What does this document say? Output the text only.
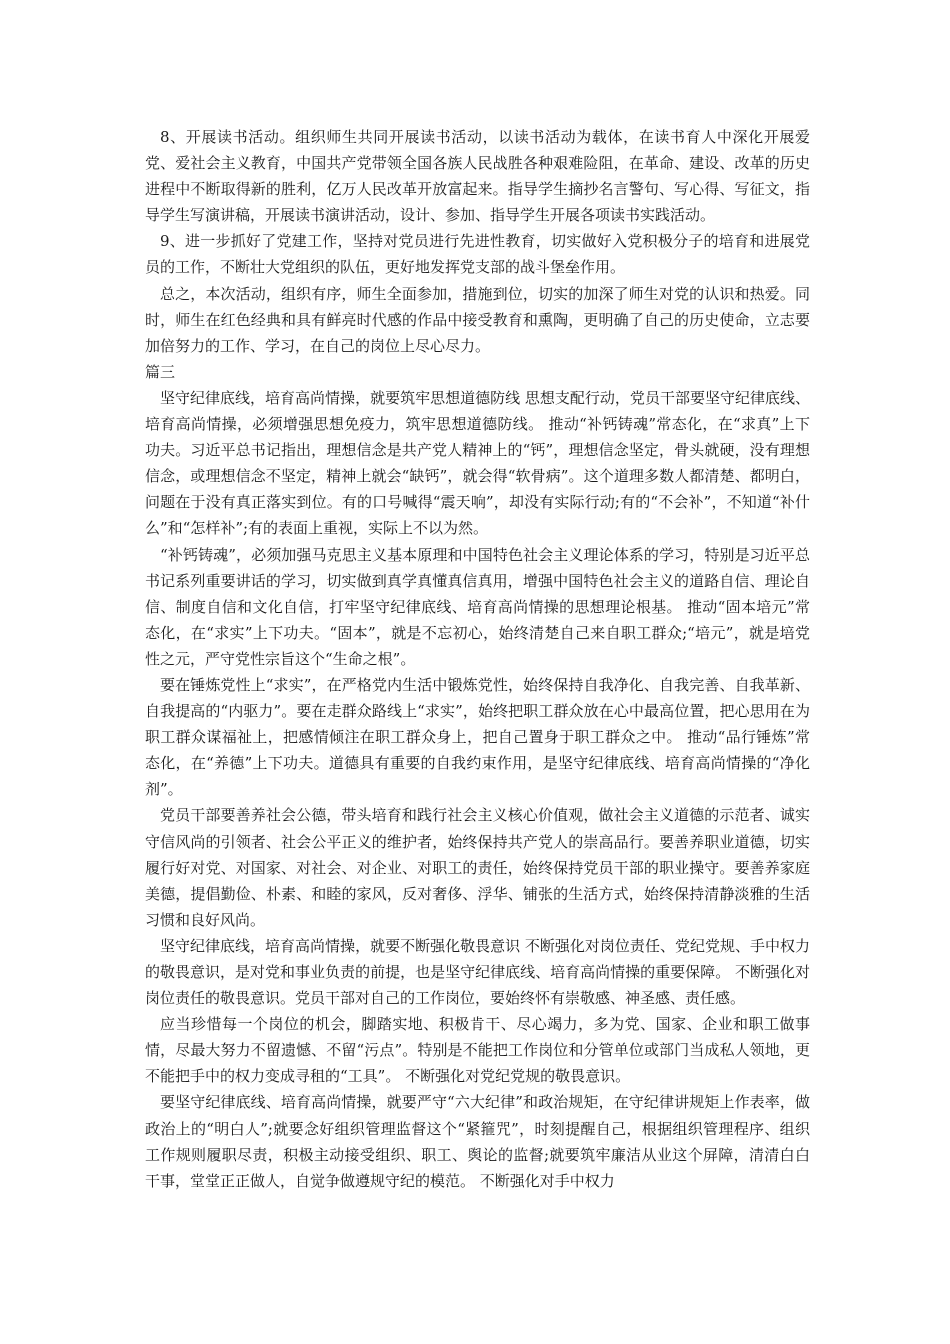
8、开展读书活动。组织师生共同开展读书活动，以读书活动为载体，在读书育人中深化开展爱党、爱社会主义教育，中国共产党带领全国各族人民战胜各种艰难险阻，在革命、建设、改革的历史进程中不断取得新的胜利，亿万人民改革开放富起来。指导学生摘抄名言警句、写心得、写征文，指导学生写演讲稿，开展读书演讲活动，设计、参加、指导学生开展各项读书实践活动。

9、进一步抓好了党建工作，坚持对党员进行先进性教育，切实做好入党积极分子的培育和进展党员的工作，不断壮大党组织的队伍，更好地发挥党支部的战斗堡垒作用。

总之，本次活动，组织有序，师生全面参加，措施到位，切实的加深了师生对党的认识和热爱。同时，师生在红色经典和具有鲜亮时代感的作品中接受教育和熏陶，更明确了自己的历史使命，立志要加倍努力的工作、学习，在自己的岗位上尽心尽力。

篇三

坚守纪律底线，培育高尚情操，就要筑牢思想道德防线 思想支配行动，党员干部要坚守纪律底线、培育高尚情操，必须增强思想免疫力，筑牢思想道德防线。 推动“补钙铸魂”常态化，在“求真”上下功夫。习近平总书记指出，理想信念是共产党人精神上的“钙”，理想信念坚定，骨头就硬，没有理想信念，或理想信念不坚定，精神上就会“缺钙”，就会得“软骨病”。这个道理多数人都清楚、都明白，问题在于没有真正落实到位。有的口号喊得“震天响”，却没有实际行动;有的“不会补”，不知道“补什么”和“怎样补”;有的表面上重视，实际上不以为然。

“补钙铸魂”，必须加强马克思主义基本原理和中国特色社会主义理论体系的学习，特别是习近平总书记系列重要讲话的学习，切实做到真学真懂真信真用，增强中国特色社会主义的道路自信、理论自信、制度自信和文化自信，打牢坚守纪律底线、培育高尚情操的思想理论根基。 推动“固本培元”常态化，在“求实”上下功夫。“固本”，就是不忘初心，始终清楚自己来自职工群众;“培元”，就是培党性之元，严守党性宗旨这个“生命之根”。

要在锤炼党性上“求实”，在严格党内生活中锻炼党性，始终保持自我净化、自我完善、自我革新、自我提高的“内驱力”。要在走群众路线上“求实”，始终把职工群众放在心中最高位置，把心思用在为职工群众谋福祉上，把感情倾注在职工群众身上，把自己置身于职工群众之中。 推动“品行锤炼”常态化，在“养德”上下功夫。道德具有重要的自我约束作用，是坚守纪律底线、培育高尚情操的“净化剂”。

党员干部要善养社会公德，带头培育和践行社会主义核心价值观，做社会主义道德的示范者、诚实守信风尚的引领者、社会公平正义的维护者，始终保持共产党人的崇高品行。要善养职业道德，切实履行好对党、对国家、对社会、对企业、对职工的责任，始终保持党员干部的职业操守。要善养家庭美德，提倡勤俭、朴素、和睦的家风，反对奢侈、浮华、铺张的生活方式，始终保持清静淡雅的生活习惯和良好风尚。

坚守纪律底线，培育高尚情操，就要不断强化敬畏意识 不断强化对岗位责任、党纪党规、手中权力的敬畏意识，是对党和事业负责的前提，也是坚守纪律底线、培育高尚情操的重要保障。 不断强化对岗位责任的敬畏意识。党员干部对自己的工作岗位，要始终怀有崇敬感、神圣感、责任感。

应当珍惜每一个岗位的机会，脚踏实地、积极肯干、尽心竭力，多为党、国家、企业和职工做事情，尽最大努力不留遗憾、不留“污点”。特别是不能把工作岗位和分管单位或部门当成私人领地，更不能把手中的权力变成寻租的“工具”。 不断强化对党纪党规的敬畏意识。

要坚守纪律底线、培育高尚情操，就要严守“六大纪律”和政治规矩，在守纪律讲规矩上作表率，做政治上的“明白人”;就要念好组织管理监督这个“紧箍咒”，时刻提醒自己，根据组织管理程序、组织工作规则履职尽责，积极主动接受组织、职工、舆论的监督;就要筑牢廉洁从业这个屏障，清清白白干事，堂堂正正做人，自觉争做遵规守纪的模范。 不断强化对手中权力
